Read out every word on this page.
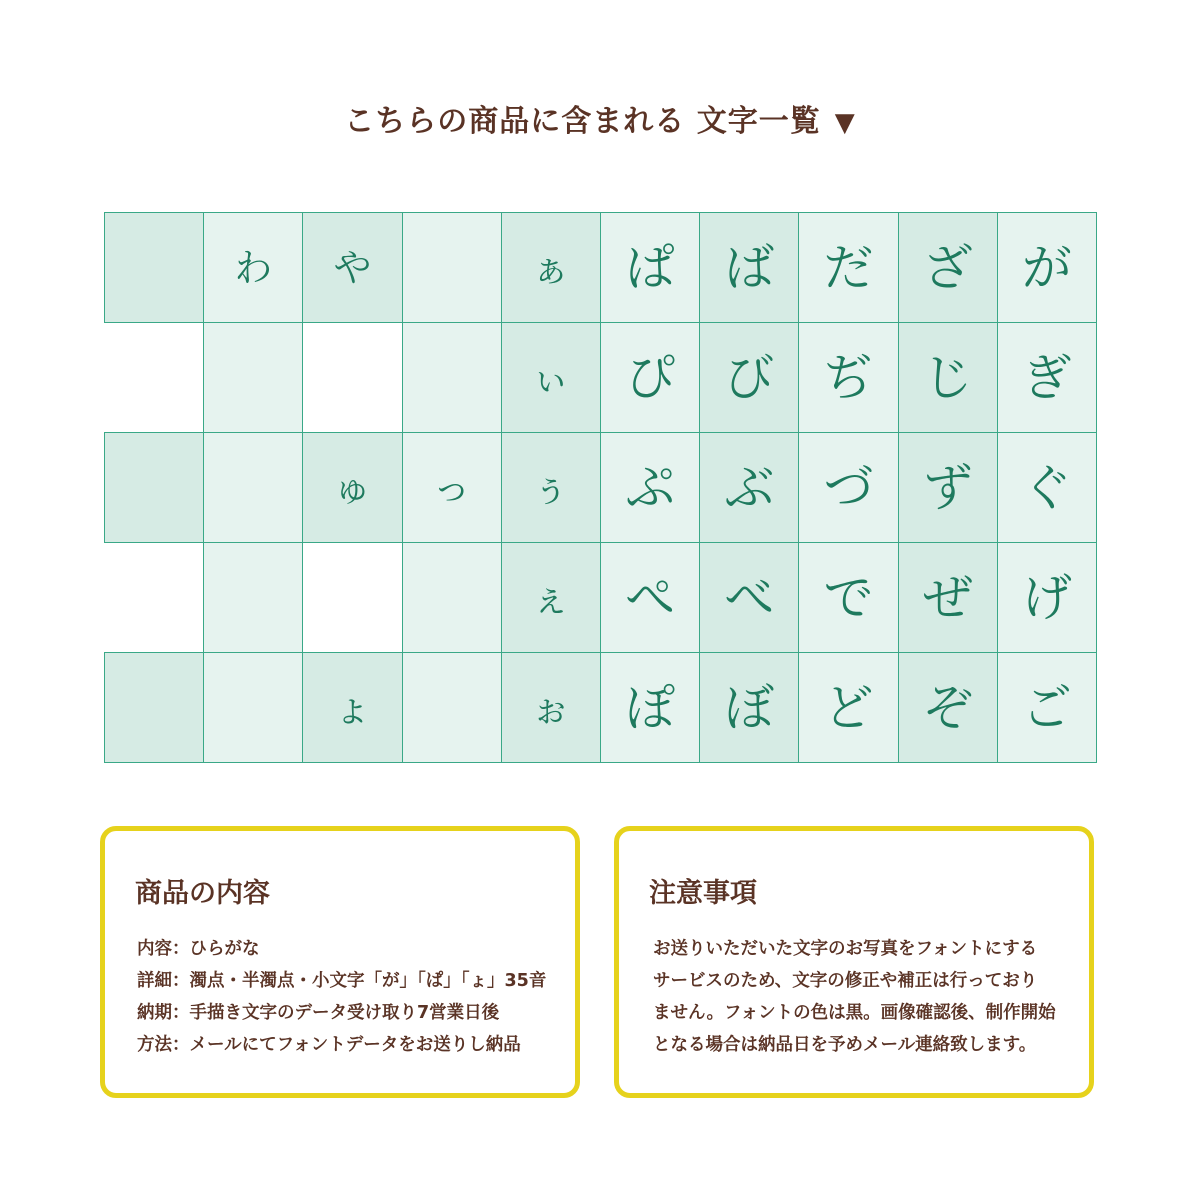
こちらの商品に含まれる 文字一覧 ▼
わ や	ぁ ぱ ば だ ざ が
ぃ ぴ び ぢ じ ぎ
ゅ っ ぅ ぷ ぶ づ ず ぐ
ぇ ぺ べ で ぜ げ
ょ	ぉ ぽ ぼ ど ぞ ご
商品の内容
内容：ひらがな
詳細：濁点・半濁点・小文字「が」「ぱ」「ょ」35音
納期：手描き文字のデータ受け取り7営業日後
方法：メールにてフォントデータをお送りし納品
注意事項
お送りいただいた文字のお写真をフォントにする
サービスのため、文字の修正や補正は行っており
ません。フォントの色は黒。画像確認後、制作開始
となる場合は納品日を予めメール連絡致します。
